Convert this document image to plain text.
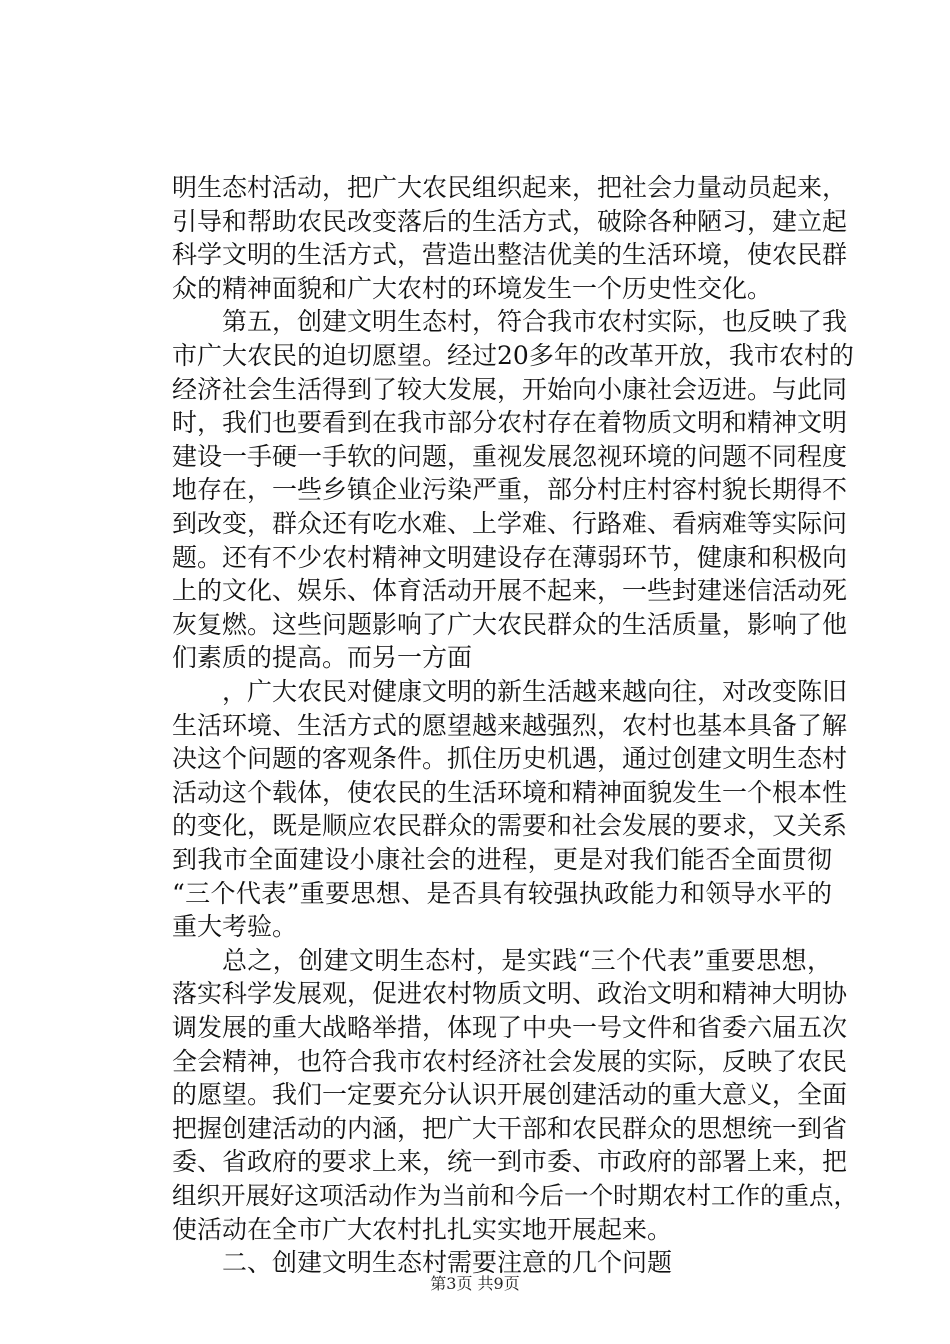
明生态村活动，把广大农民组织起来，把社会力量动员起来，
引导和帮助农民改变落后的生活方式，破除各种陋习，建立起
科学文明的生活方式，营造出整洁优美的生活环境，使农民群
众的精神面貌和广大农村的环境发生一个历史性交化。
第五，创建文明生态村，符合我市农村实际，也反映了我
市广大农民的迫切愿望。经过20多年的改革开放，我市农村的
经济社会生活得到了较大发展，开始向小康社会迈进。与此同
时，我们也要看到在我市部分农村存在着物质文明和精神文明
建设一手硬一手软的问题，重视发展忽视环境的问题不同程度
地存在，一些乡镇企业污染严重，部分村庄村容村貌长期得不
到改变，群众还有吃水难、上学难、行路难、看病难等实际问
题。还有不少农村精神文明建设存在薄弱环节，健康和积极向
上的文化、娱乐、体育活动开展不起来，一些封建迷信活动死
灰复燃。这些问题影响了广大农民群众的生活质量，影响了他
们素质的提高。而另一方面
，广大农民对健康文明的新生活越来越向往，对改变陈旧
生活环境、生活方式的愿望越来越强烈，农村也基本具备了解
决这个问题的客观条件。抓住历史机遇，通过创建文明生态村
活动这个载体，使农民的生活环境和精神面貌发生一个根本性
的变化，既是顺应农民群众的需要和社会发展的要求，又关系
到我市全面建设小康社会的进程，更是对我们能否全面贯彻
“三个代表”重要思想、是否具有较强执政能力和领导水平的
重大考验。
总之，创建文明生态村，是实践“三个代表”重要思想，
落实科学发展观，促进农村物质文明、政治文明和精神大明协
调发展的重大战略举措，体现了中央一号文件和省委六届五次
全会精神，也符合我市农村经济社会发展的实际，反映了农民
的愿望。我们一定要充分认识开展创建活动的重大意义，全面
把握创建活动的内涵，把广大干部和农民群众的思想统一到省
委、省政府的要求上来，统一到市委、市政府的部署上来，把
组织开展好这项活动作为当前和今后一个时期农村工作的重点，
使活动在全市广大农村扎扎实实地开展起来。
第3页 共9页
二、创建文明生态村需要注意的几个问题
